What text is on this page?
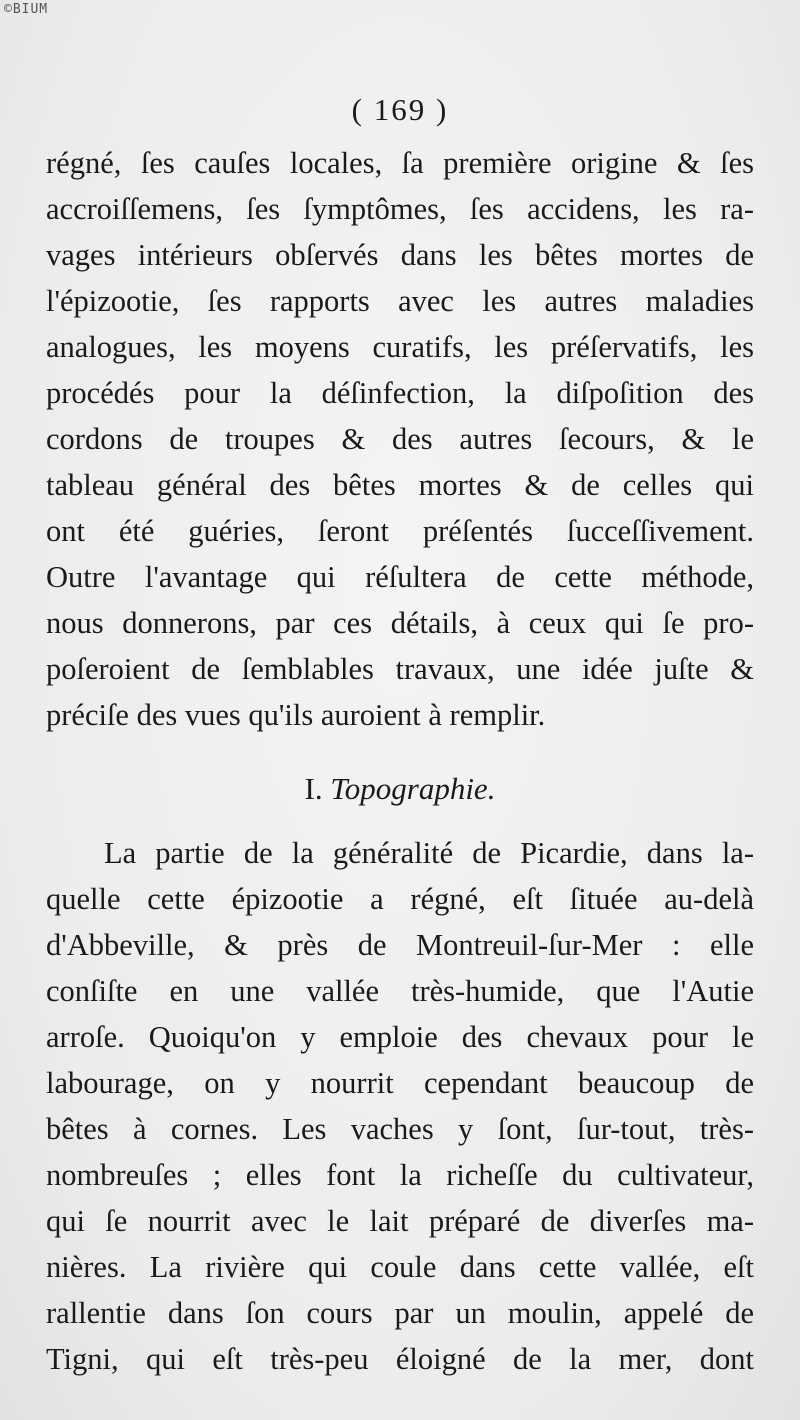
©BIUM
( 169 )
régné, ſes cauſes locales, ſa première origine & ſes
accroiſſemens, ſes ſymptômes, ſes accidens, les ra-
vages intérieurs obſervés dans les bêtes mortes de
l'épizootie, ſes rapports avec les autres maladies
analogues, les moyens curatifs, les préſervatifs, les
procédés pour la déſinfection, la diſpoſition des
cordons de troupes & des autres ſecours, & le
tableau général des bêtes mortes & de celles qui
ont été guéries, ſeront préſentés ſucceſſivement.
Outre l'avantage qui réſultera de cette méthode,
nous donnerons, par ces détails, à ceux qui ſe pro-
poſeroient de ſemblables travaux, une idée juſte &
préciſe des vues qu'ils auroient à remplir.
I. Topographie.
La partie de la généralité de Picardie, dans la-
quelle cette épizootie a régné, eſt ſituée au-delà
d'Abbeville, & près de Montreuil-ſur-Mer : elle
conſiſte en une vallée très-humide, que l'Autie
arroſe. Quoiqu'on y emploie des chevaux pour le
labourage, on y nourrit cependant beaucoup de
bêtes à cornes. Les vaches y ſont, ſur-tout, très-
nombreuſes ; elles font la richeſſe du cultivateur,
qui ſe nourrit avec le lait préparé de diverſes ma-
nières. La rivière qui coule dans cette vallée, eſt
rallentie dans ſon cours par un moulin, appelé de
Tigni, qui eſt très-peu éloigné de la mer, dont
